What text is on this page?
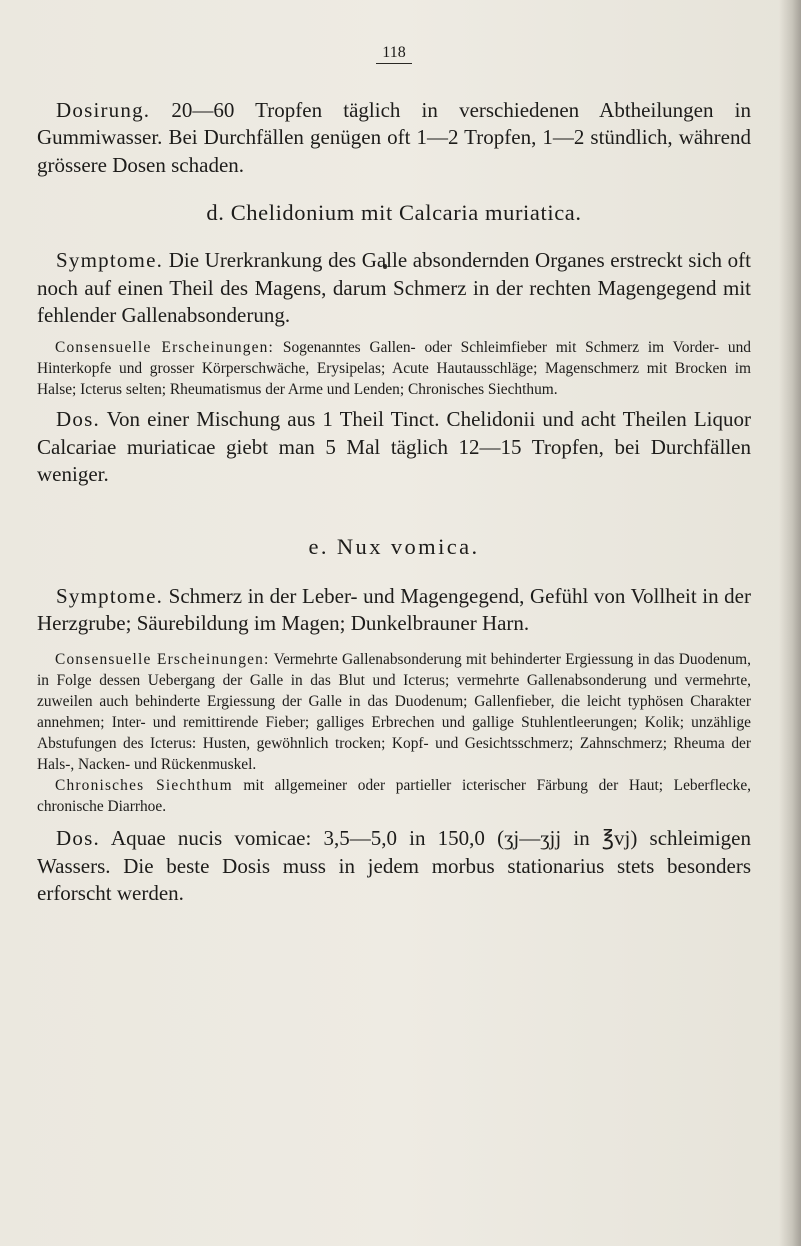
118

Dosirung. 20—60 Tropfen täglich in verschiedenen Abtheilungen in Gummiwasser. Bei Durchfällen genügen oft 1—2 Tropfen, 1—2 stündlich, während grössere Dosen schaden.

d. Chelidonium mit Calcaria muriatica.

Symptome. Die Urerkrankung des Galle absondernden Organes erstreckt sich oft noch auf einen Theil des Magens, darum Schmerz in der rechten Magengegend mit fehlender Gallenabsonderung.

Consensuelle Erscheinungen: Sogenanntes Gallen- oder Schleimfieber mit Schmerz im Vorder- und Hinterkopfe und grosser Körperschwäche, Erysipelas; Acute Hautausschläge; Magenschmerz mit Brocken im Halse; Icterus selten; Rheumatismus der Arme und Lenden; Chronisches Siechthum.

Dos. Von einer Mischung aus 1 Theil Tinct. Chelidonii und acht Theilen Liquor Calcariae muriaticae giebt man 5 Mal täglich 12—15 Tropfen, bei Durchfällen weniger.

e. Nux vomica.

Symptome. Schmerz in der Leber- und Magengegend, Gefühl von Vollheit in der Herzgrube; Säurebildung im Magen; Dunkelbrauner Harn.

Consensuelle Erscheinungen: Vermehrte Gallenabsonderung mit behinderter Ergiessung in das Duodenum, in Folge dessen Uebergang der Galle in das Blut und Icterus; vermehrte Gallenabsonderung und vermehrte, zuweilen auch behinderte Ergiessung der Galle in das Duodenum; Gallenfieber, die leicht typhösen Charakter annehmen; Inter- und remittirende Fieber; galliges Erbrechen und gallige Stuhlentleerungen; Kolik; unzählige Abstufungen des Icterus: Husten, gewöhnlich trocken; Kopf- und Gesichtsschmerz; Zahnschmerz; Rheuma der Hals-, Nacken- und Rückenmuskel.

Chronisches Siechthum mit allgemeiner oder partieller icterischer Färbung der Haut; Leberflecke, chronische Diarrhoe.

Dos. Aquae nucis vomicae: 3,5—5,0 in 150,0 (ʒj—ʒjj in ℥vj) schleimigen Wassers. Die beste Dosis muss in jedem morbus stationarius stets besonders erforscht werden.
